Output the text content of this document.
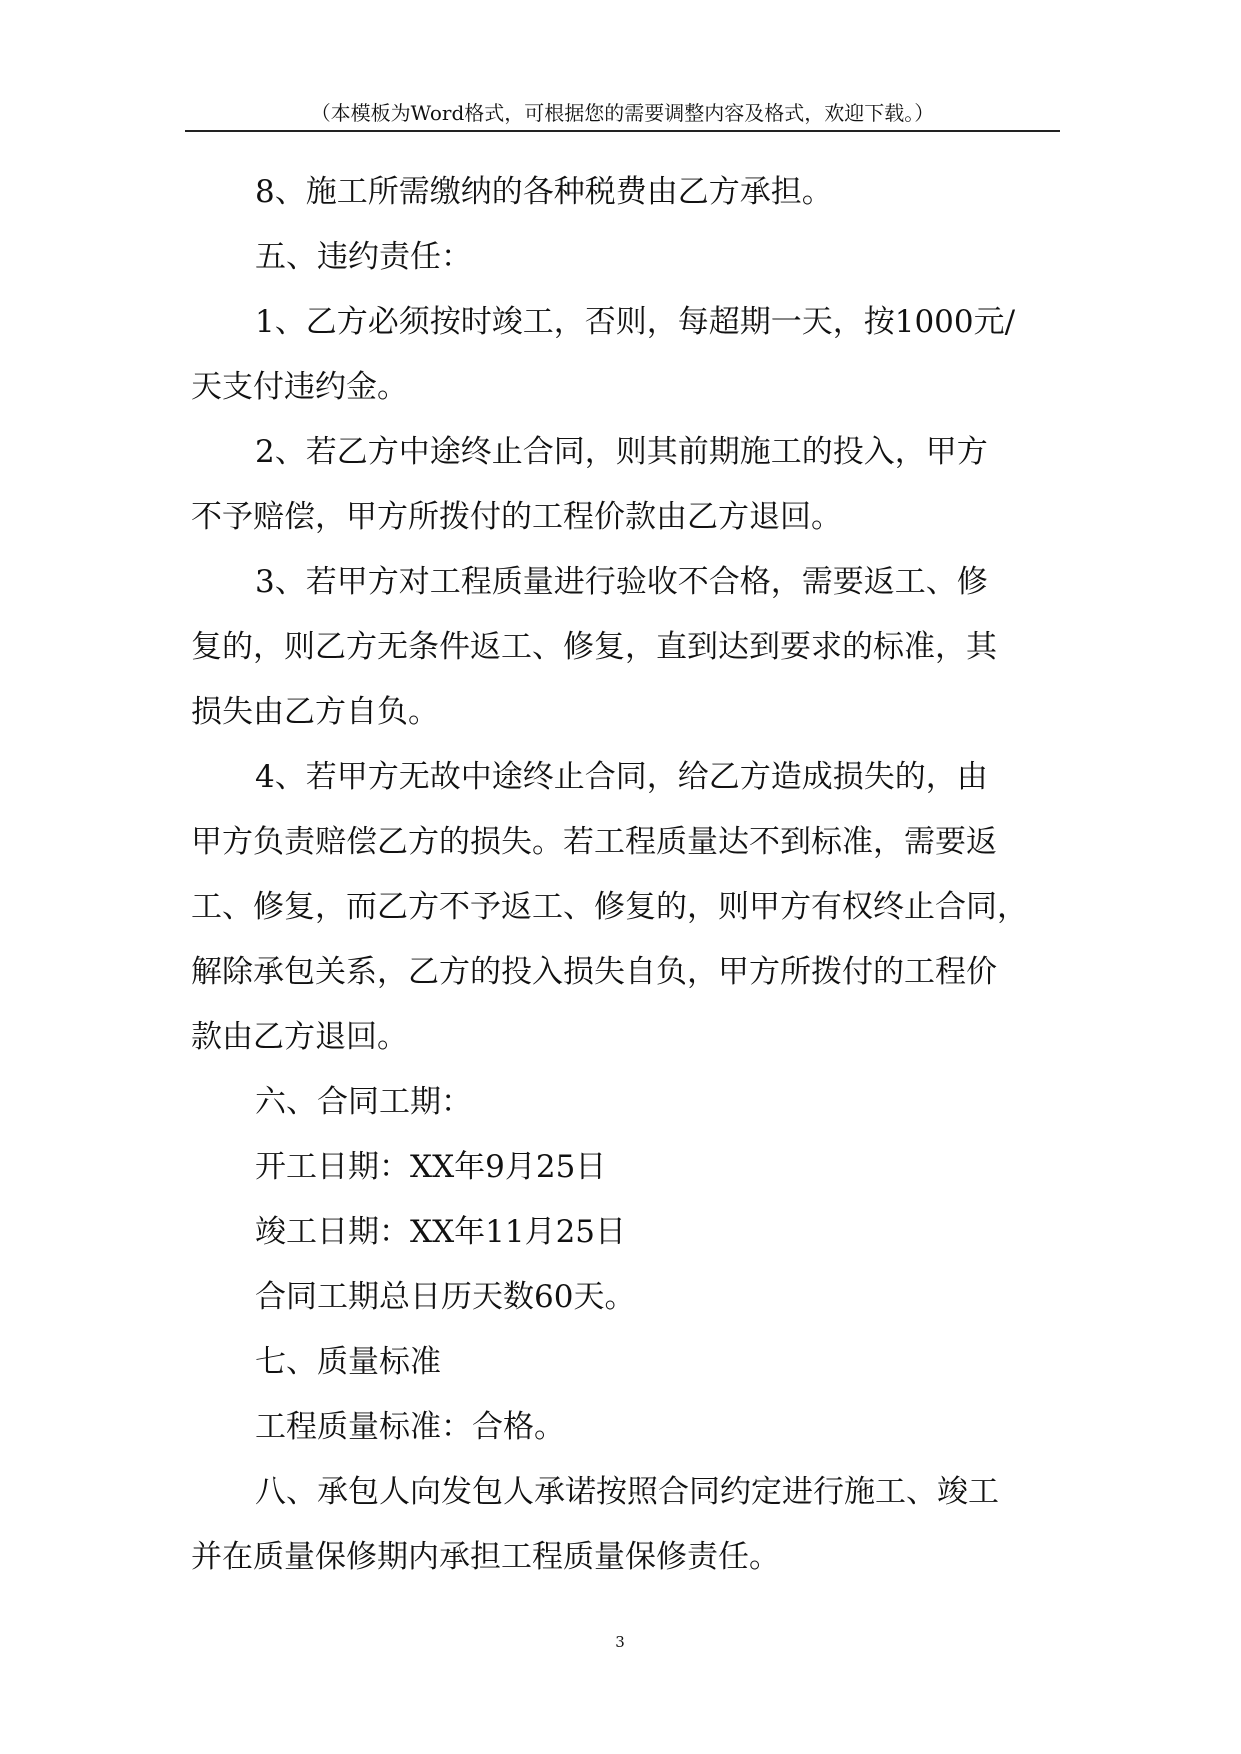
（本模板为Word格式，可根据您的需要调整内容及格式，欢迎下载。）
8、施工所需缴纳的各种税费由乙方承担。
五、违约责任：
1、乙方必须按时竣工，否则，每超期一天，按1000元/
天支付违约金。
2、若乙方中途终止合同，则其前期施工的投入，甲方
不予赔偿，甲方所拨付的工程价款由乙方退回。
3、若甲方对工程质量进行验收不合格，需要返工、修
复的，则乙方无条件返工、修复，直到达到要求的标准，其
损失由乙方自负。
4、若甲方无故中途终止合同，给乙方造成损失的，由
甲方负责赔偿乙方的损失。若工程质量达不到标准，需要返
工、修复，而乙方不予返工、修复的，则甲方有权终止合同，
解除承包关系，乙方的投入损失自负，甲方所拨付的工程价
款由乙方退回。
六、合同工期：
开工日期：XX年9月25日
竣工日期：XX年11月25日
合同工期总日历天数60天。
七、质量标准
工程质量标准：合格。
八、承包人向发包人承诺按照合同约定进行施工、竣工
并在质量保修期内承担工程质量保修责任。
3
